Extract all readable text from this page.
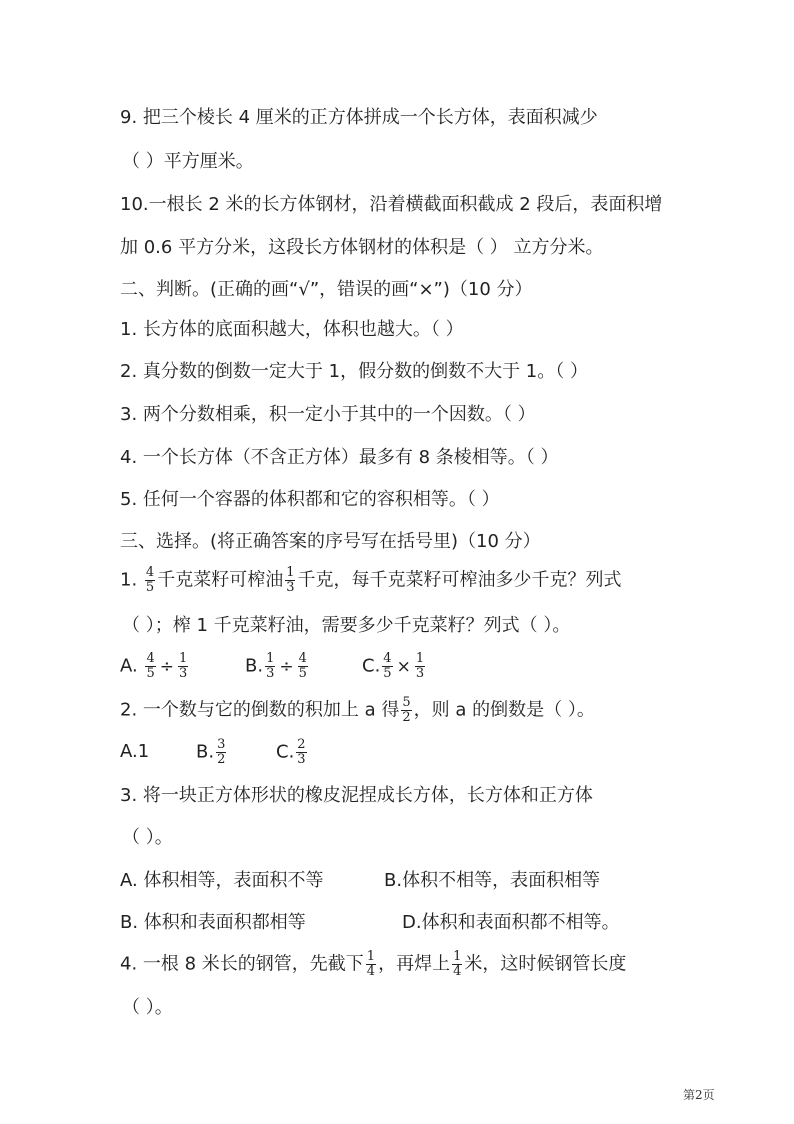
9. 把三个棱长 4 厘米的正方体拼成一个长方体，表面积减少
（ ）平方厘米。
10.一根长 2 米的长方体钢材，沿着横截面积截成 2 段后，表面积增
加 0.6 平方分米，这段长方体钢材的体积是（ ） 立方分米。
二、判断。(正确的画“√”，错误的画“×”)（10 分）
1. 长方体的底面积越大，体积也越大。（ ）
2. 真分数的倒数一定大于 1，假分数的倒数不大于 1。（ ）
3. 两个分数相乘，积一定小于其中的一个因数。（ ）
4. 一个长方体（不含正方体）最多有 8 条棱相等。（ ）
5. 任何一个容器的体积都和它的容积相等。（ ）
三、选择。(将正确答案的序号写在括号里)（10 分）
1. $\frac{4}{5}$ 千克菜籽可榨油 $\frac{1}{3}$ 千克，每千克菜籽可榨油多少千克？列式
（ ）；榨 1 千克菜籽油，需要多少千克菜籽？列式（ ）。
A. $\frac{4}{5} \div \frac{1}{3}$	B. $\frac{1}{3} \div \frac{4}{5}$	C. $\frac{4}{5} \times \frac{1}{3}$
2. 一个数与它的倒数的积加上 a 得 $\frac{5}{2}$ ，则 a 的倒数是（ ）。
A.1	B. $\frac{3}{2}$	C. $\frac{2}{3}$
3. 将一块正方体形状的橡皮泥捏成长方体，长方体和正方体
（ ）。
A. 体积相等，表面积不等	B.体积不相等，表面积相等
B. 体积和表面积都相等	D.体积和表面积都不相等。
4. 一根 8 米长的钢管，先截下 $\frac{1}{4}$ ，再焊上 $\frac{1}{4}$ 米，这时候钢管长度
（ ）。
第2页
